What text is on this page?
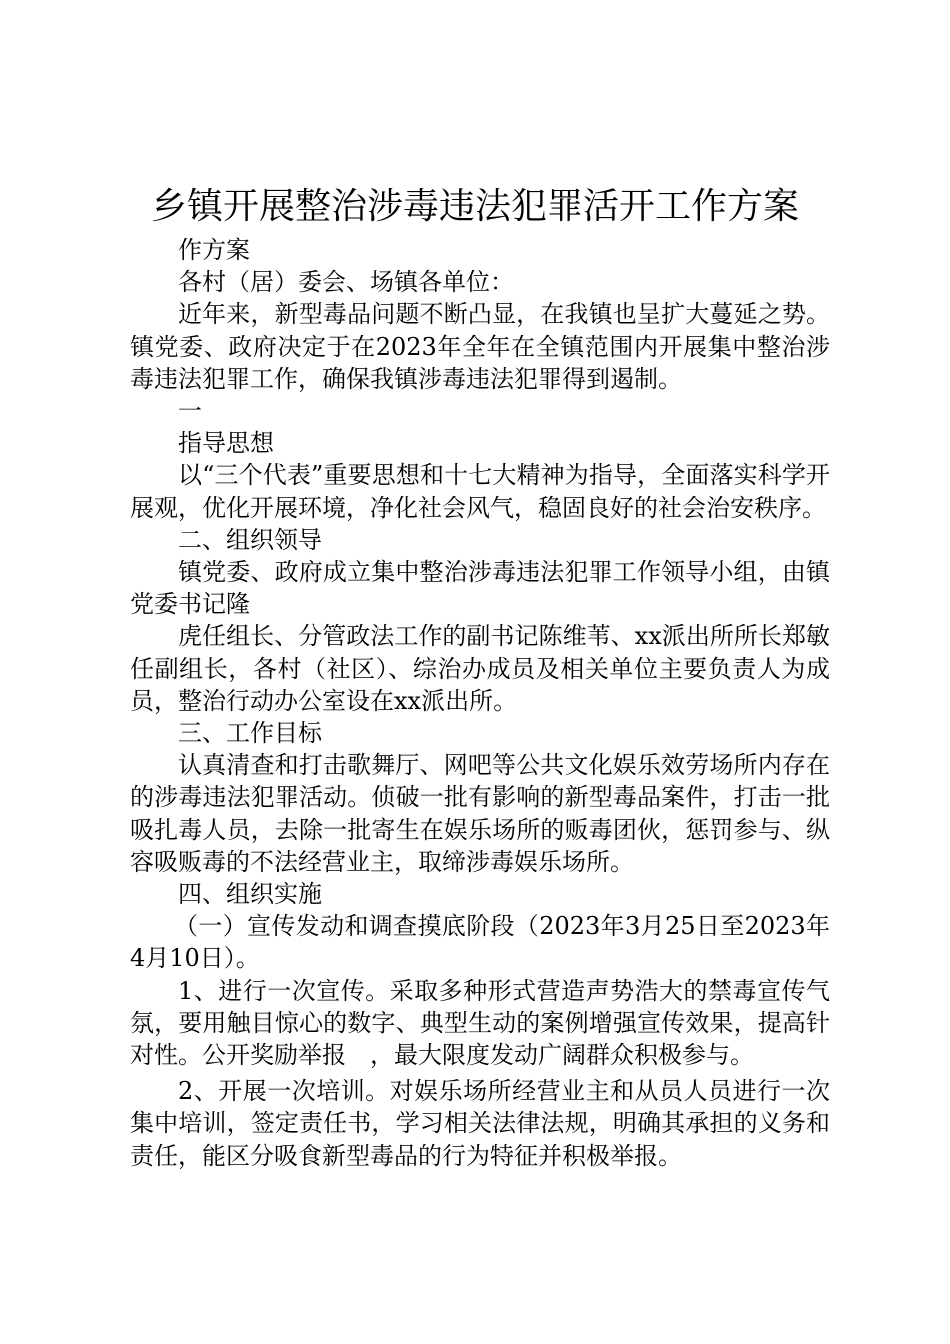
乡镇开展整治涉毒违法犯罪活开工作方案

作方案

各村（居）委会、场镇各单位：

近年来，新型毒品问题不断凸显，在我镇也呈扩大蔓延之势。镇党委、政府决定于在2023年全年在全镇范围内开展集中整治涉毒违法犯罪工作，确保我镇涉毒违法犯罪得到遏制。

一

指导思想

以“三个代表”重要思想和十七大精神为指导，全面落实科学开展观，优化开展环境，净化社会风气，稳固良好的社会治安秩序。

二、组织领导

镇党委、政府成立集中整治涉毒违法犯罪工作领导小组，由镇党委书记隆

虎任组长、分管政法工作的副书记陈维苇、xx派出所所长郑敏任副组长，各村（社区）、综治办成员及相关单位主要负责人为成员，整治行动办公室设在xx派出所。

三、工作目标

认真清查和打击歌舞厅、网吧等公共文化娱乐效劳场所内存在的涉毒违法犯罪活动。侦破一批有影响的新型毒品案件，打击一批吸扎毒人员，去除一批寄生在娱乐场所的贩毒团伙，惩罚参与、纵容吸贩毒的不法经营业主，取缔涉毒娱乐场所。

四、组织实施

（一）宣传发动和调查摸底阶段（2023年3月25日至2023年4月10日）。

1、进行一次宣传。采取多种形式营造声势浩大的禁毒宣传气氛，要用触目惊心的数字、典型生动的案例增强宣传效果，提高针对性。公开奖励举报　，最大限度发动广阔群众积极参与。

2、开展一次培训。对娱乐场所经营业主和从员人员进行一次集中培训，签定责任书，学习相关法律法规，明确其承担的义务和责任，能区分吸食新型毒品的行为特征并积极举报。
